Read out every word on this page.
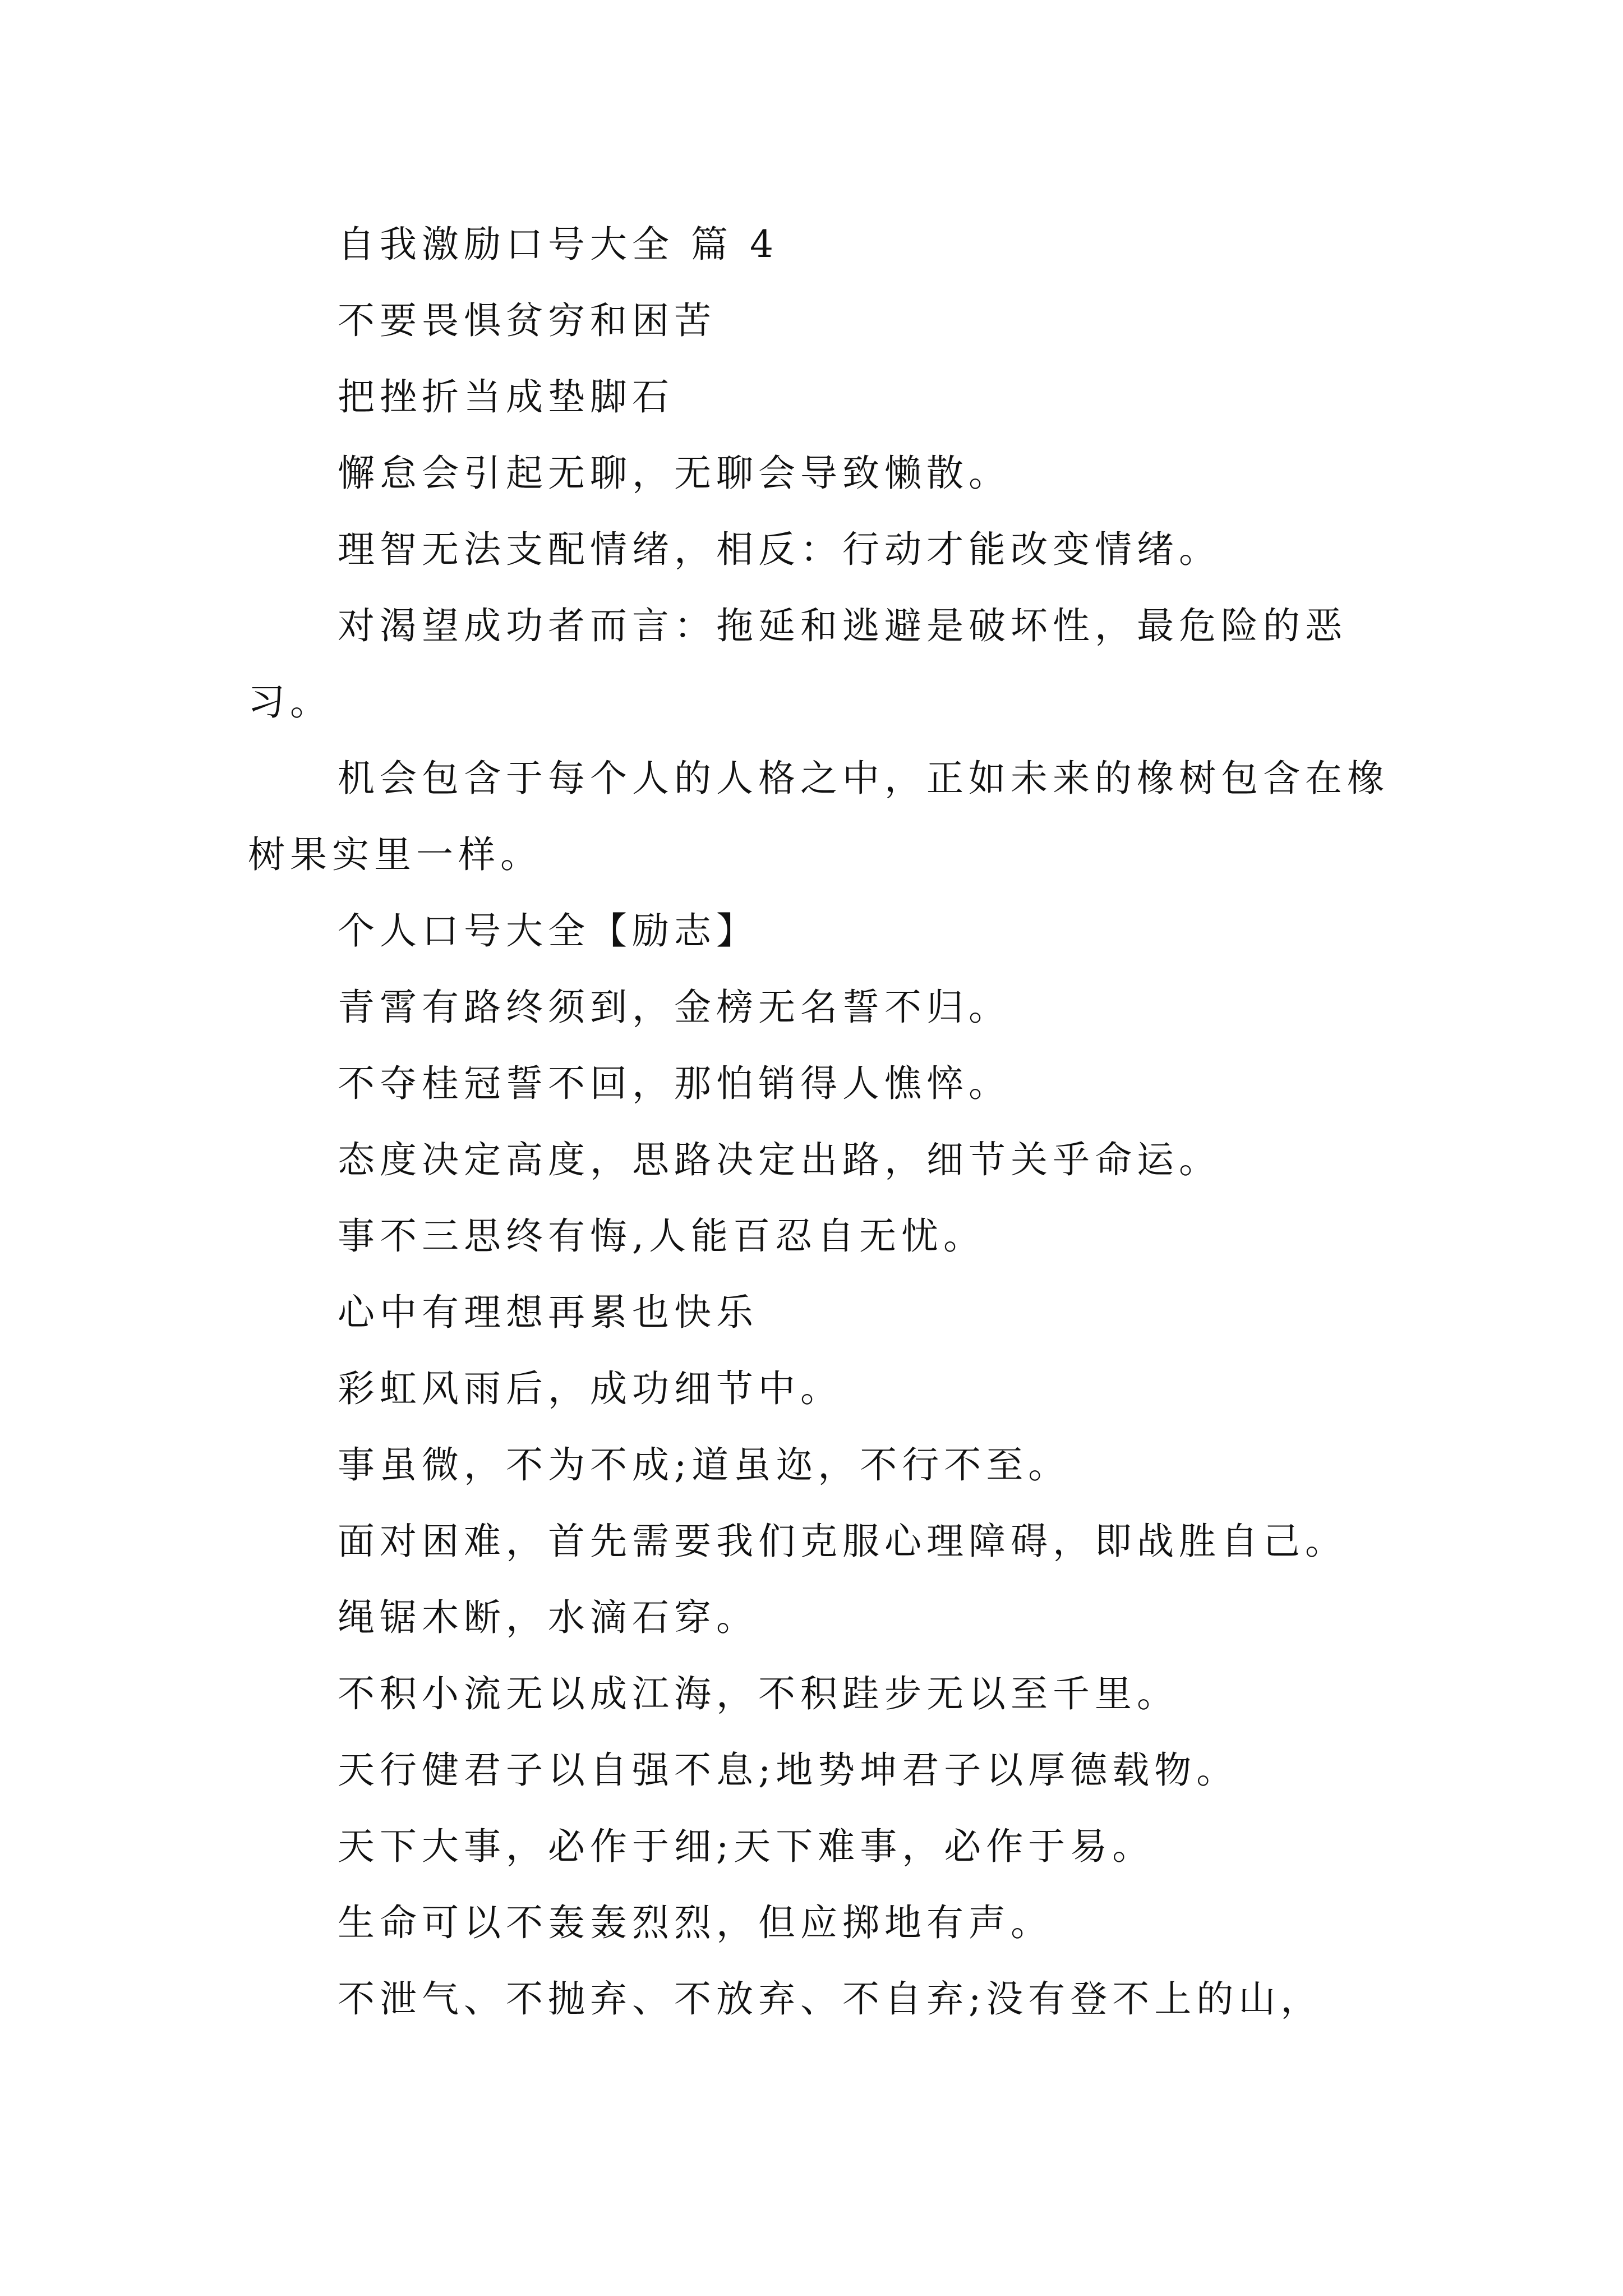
自我激励口号大全 篇 4

不要畏惧贫穷和困苦

把挫折当成垫脚石

懈怠会引起无聊，无聊会导致懒散。

理智无法支配情绪，相反：行动才能改变情绪。

对渴望成功者而言：拖延和逃避是破坏性，最危险的恶习。

机会包含于每个人的人格之中，正如未来的橡树包含在橡树果实里一样。

个人口号大全【励志】

青霄有路终须到，金榜无名誓不归。

不夺桂冠誓不回，那怕销得人憔悴。

态度决定高度，思路决定出路，细节关乎命运。

事不三思终有悔,人能百忍自无忧。

心中有理想再累也快乐

彩虹风雨后，成功细节中。

事虽微，不为不成;道虽迩，不行不至。

面对困难，首先需要我们克服心理障碍，即战胜自己。

绳锯木断，水滴石穿。

不积小流无以成江海，不积跬步无以至千里。

天行健君子以自强不息;地势坤君子以厚德载物。

天下大事，必作于细;天下难事，必作于易。

生命可以不轰轰烈烈，但应掷地有声。

不泄气、不抛弃、不放弃、不自弃;没有登不上的山，
